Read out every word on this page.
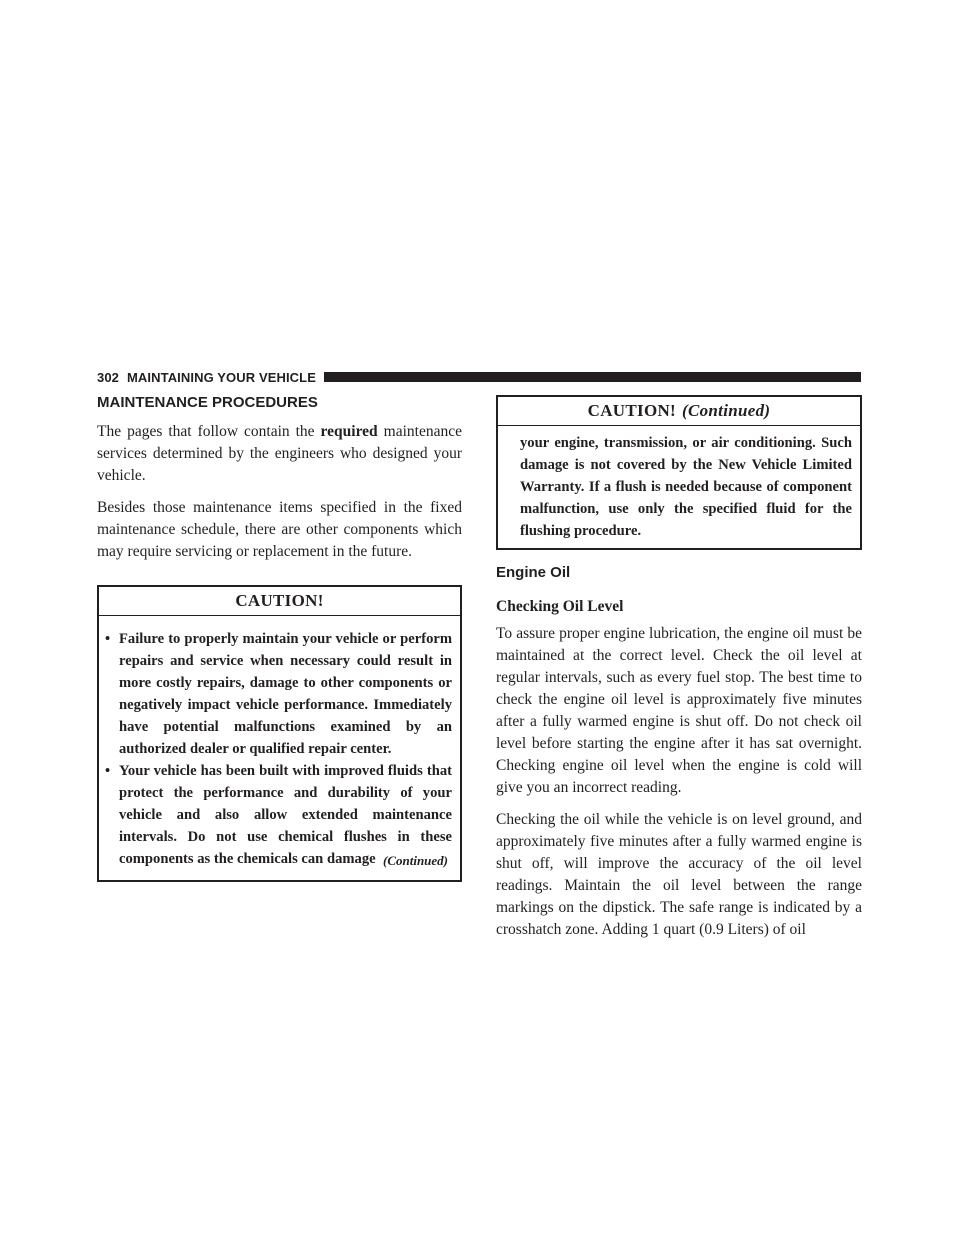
302 MAINTAINING YOUR VEHICLE
MAINTENANCE PROCEDURES

The pages that follow contain the required maintenance services determined by the engineers who designed your vehicle.

Besides those maintenance items specified in the fixed maintenance schedule, there are other components which may require servicing or replacement in the future.

CAUTION!
• Failure to properly maintain your vehicle or perform repairs and service when necessary could result in more costly repairs, damage to other components or negatively impact vehicle performance. Immediately have potential malfunctions examined by an authorized dealer or qualified repair center.
• Your vehicle has been built with improved fluids that protect the performance and durability of your vehicle and also allow extended maintenance intervals. Do not use chemical flushes in these components as the chemicals can damage (Continued)
CAUTION! (Continued)

your engine, transmission, or air conditioning. Such damage is not covered by the New Vehicle Limited Warranty. If a flush is needed because of component malfunction, use only the specified fluid for the flushing procedure.

Engine Oil
Checking Oil Level

To assure proper engine lubrication, the engine oil must be maintained at the correct level. Check the oil level at regular intervals, such as every fuel stop. The best time to check the engine oil level is approximately five minutes after a fully warmed engine is shut off. Do not check oil level before starting the engine after it has sat overnight. Checking engine oil level when the engine is cold will give you an incorrect reading.

Checking the oil while the vehicle is on level ground, and approximately five minutes after a fully warmed engine is shut off, will improve the accuracy of the oil level readings. Maintain the oil level between the range markings on the dipstick. The safe range is indicated by a crosshatch zone. Adding 1 quart (0.9 Liters) of oil
